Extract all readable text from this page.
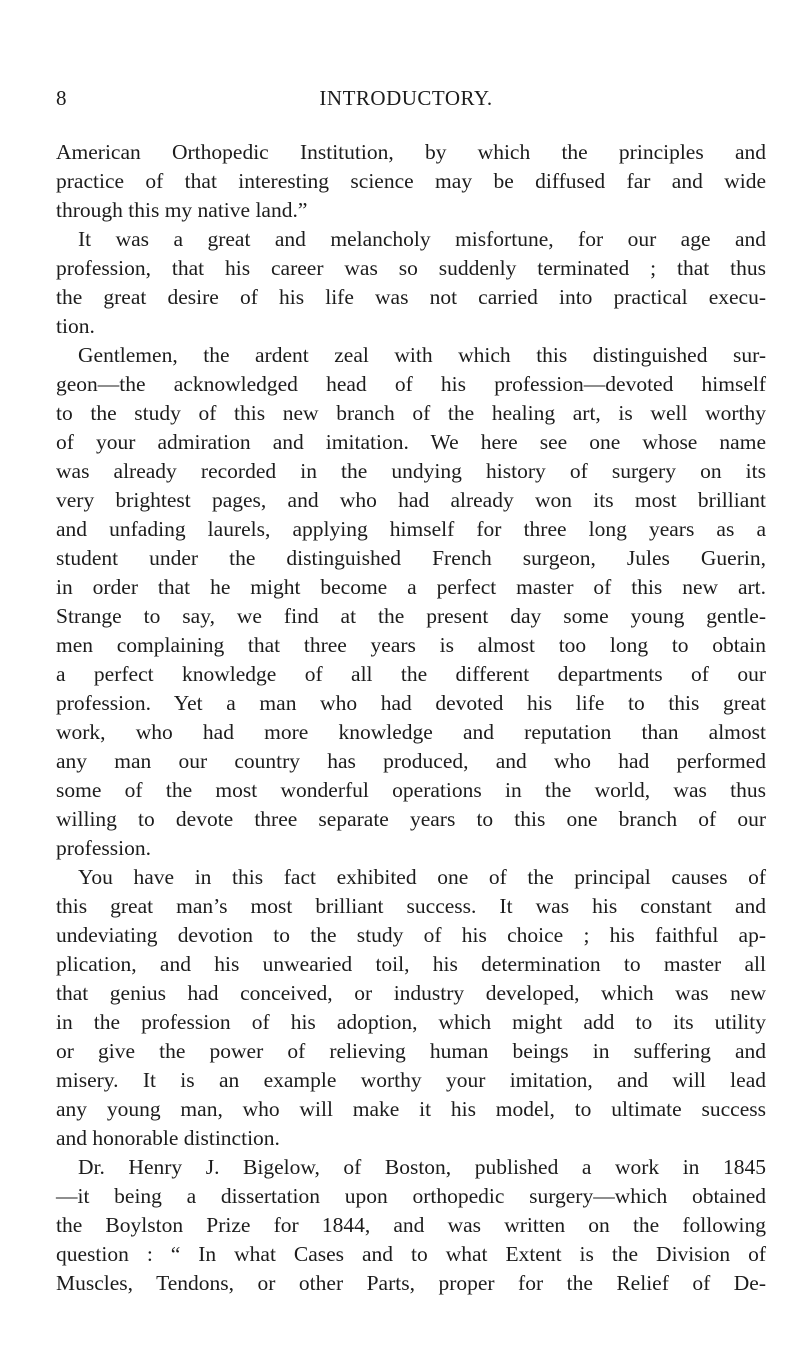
8	INTRODUCTORY.
American Orthopedic Institution, by which the principles and
practice of that interesting science may be diffused far and wide
through this my native land.”
It was a great and melancholy misfortune, for our age and
profession, that his career was so suddenly terminated ; that thus
the great desire of his life was not carried into practical execu-
tion.
Gentlemen, the ardent zeal with which this distinguished sur-
geon—the acknowledged head of his profession—devoted himself
to the study of this new branch of the healing art, is well worthy
of your admiration and imitation. We here see one whose name
was already recorded in the undying history of surgery on its
very brightest pages, and who had already won its most brilliant
and unfading laurels, applying himself for three long years as a
student under the distinguished French surgeon, Jules Guerin,
in order that he might become a perfect master of this new art.
Strange to say, we find at the present day some young gentle-
men complaining that three years is almost too long to obtain
a perfect knowledge of all the different departments of our
profession. Yet a man who had devoted his life to this great
work, who had more knowledge and reputation than almost
any man our country has produced, and who had performed
some of the most wonderful operations in the world, was thus
willing to devote three separate years to this one branch of our
profession.
You have in this fact exhibited one of the principal causes of
this great man’s most brilliant success. It was his constant and
undeviating devotion to the study of his choice ; his faithful ap-
plication, and his unwearied toil, his determination to master all
that genius had conceived, or industry developed, which was new
in the profession of his adoption, which might add to its utility
or give the power of relieving human beings in suffering and
misery. It is an example worthy your imitation, and will lead
any young man, who will make it his model, to ultimate success
and honorable distinction.
Dr. Henry J. Bigelow, of Boston, published a work in 1845
—it being a dissertation upon orthopedic surgery—which obtained
the Boylston Prize for 1844, and was written on the following
question : “ In what Cases and to what Extent is the Division of
Muscles, Tendons, or other Parts, proper for the Relief of De-
